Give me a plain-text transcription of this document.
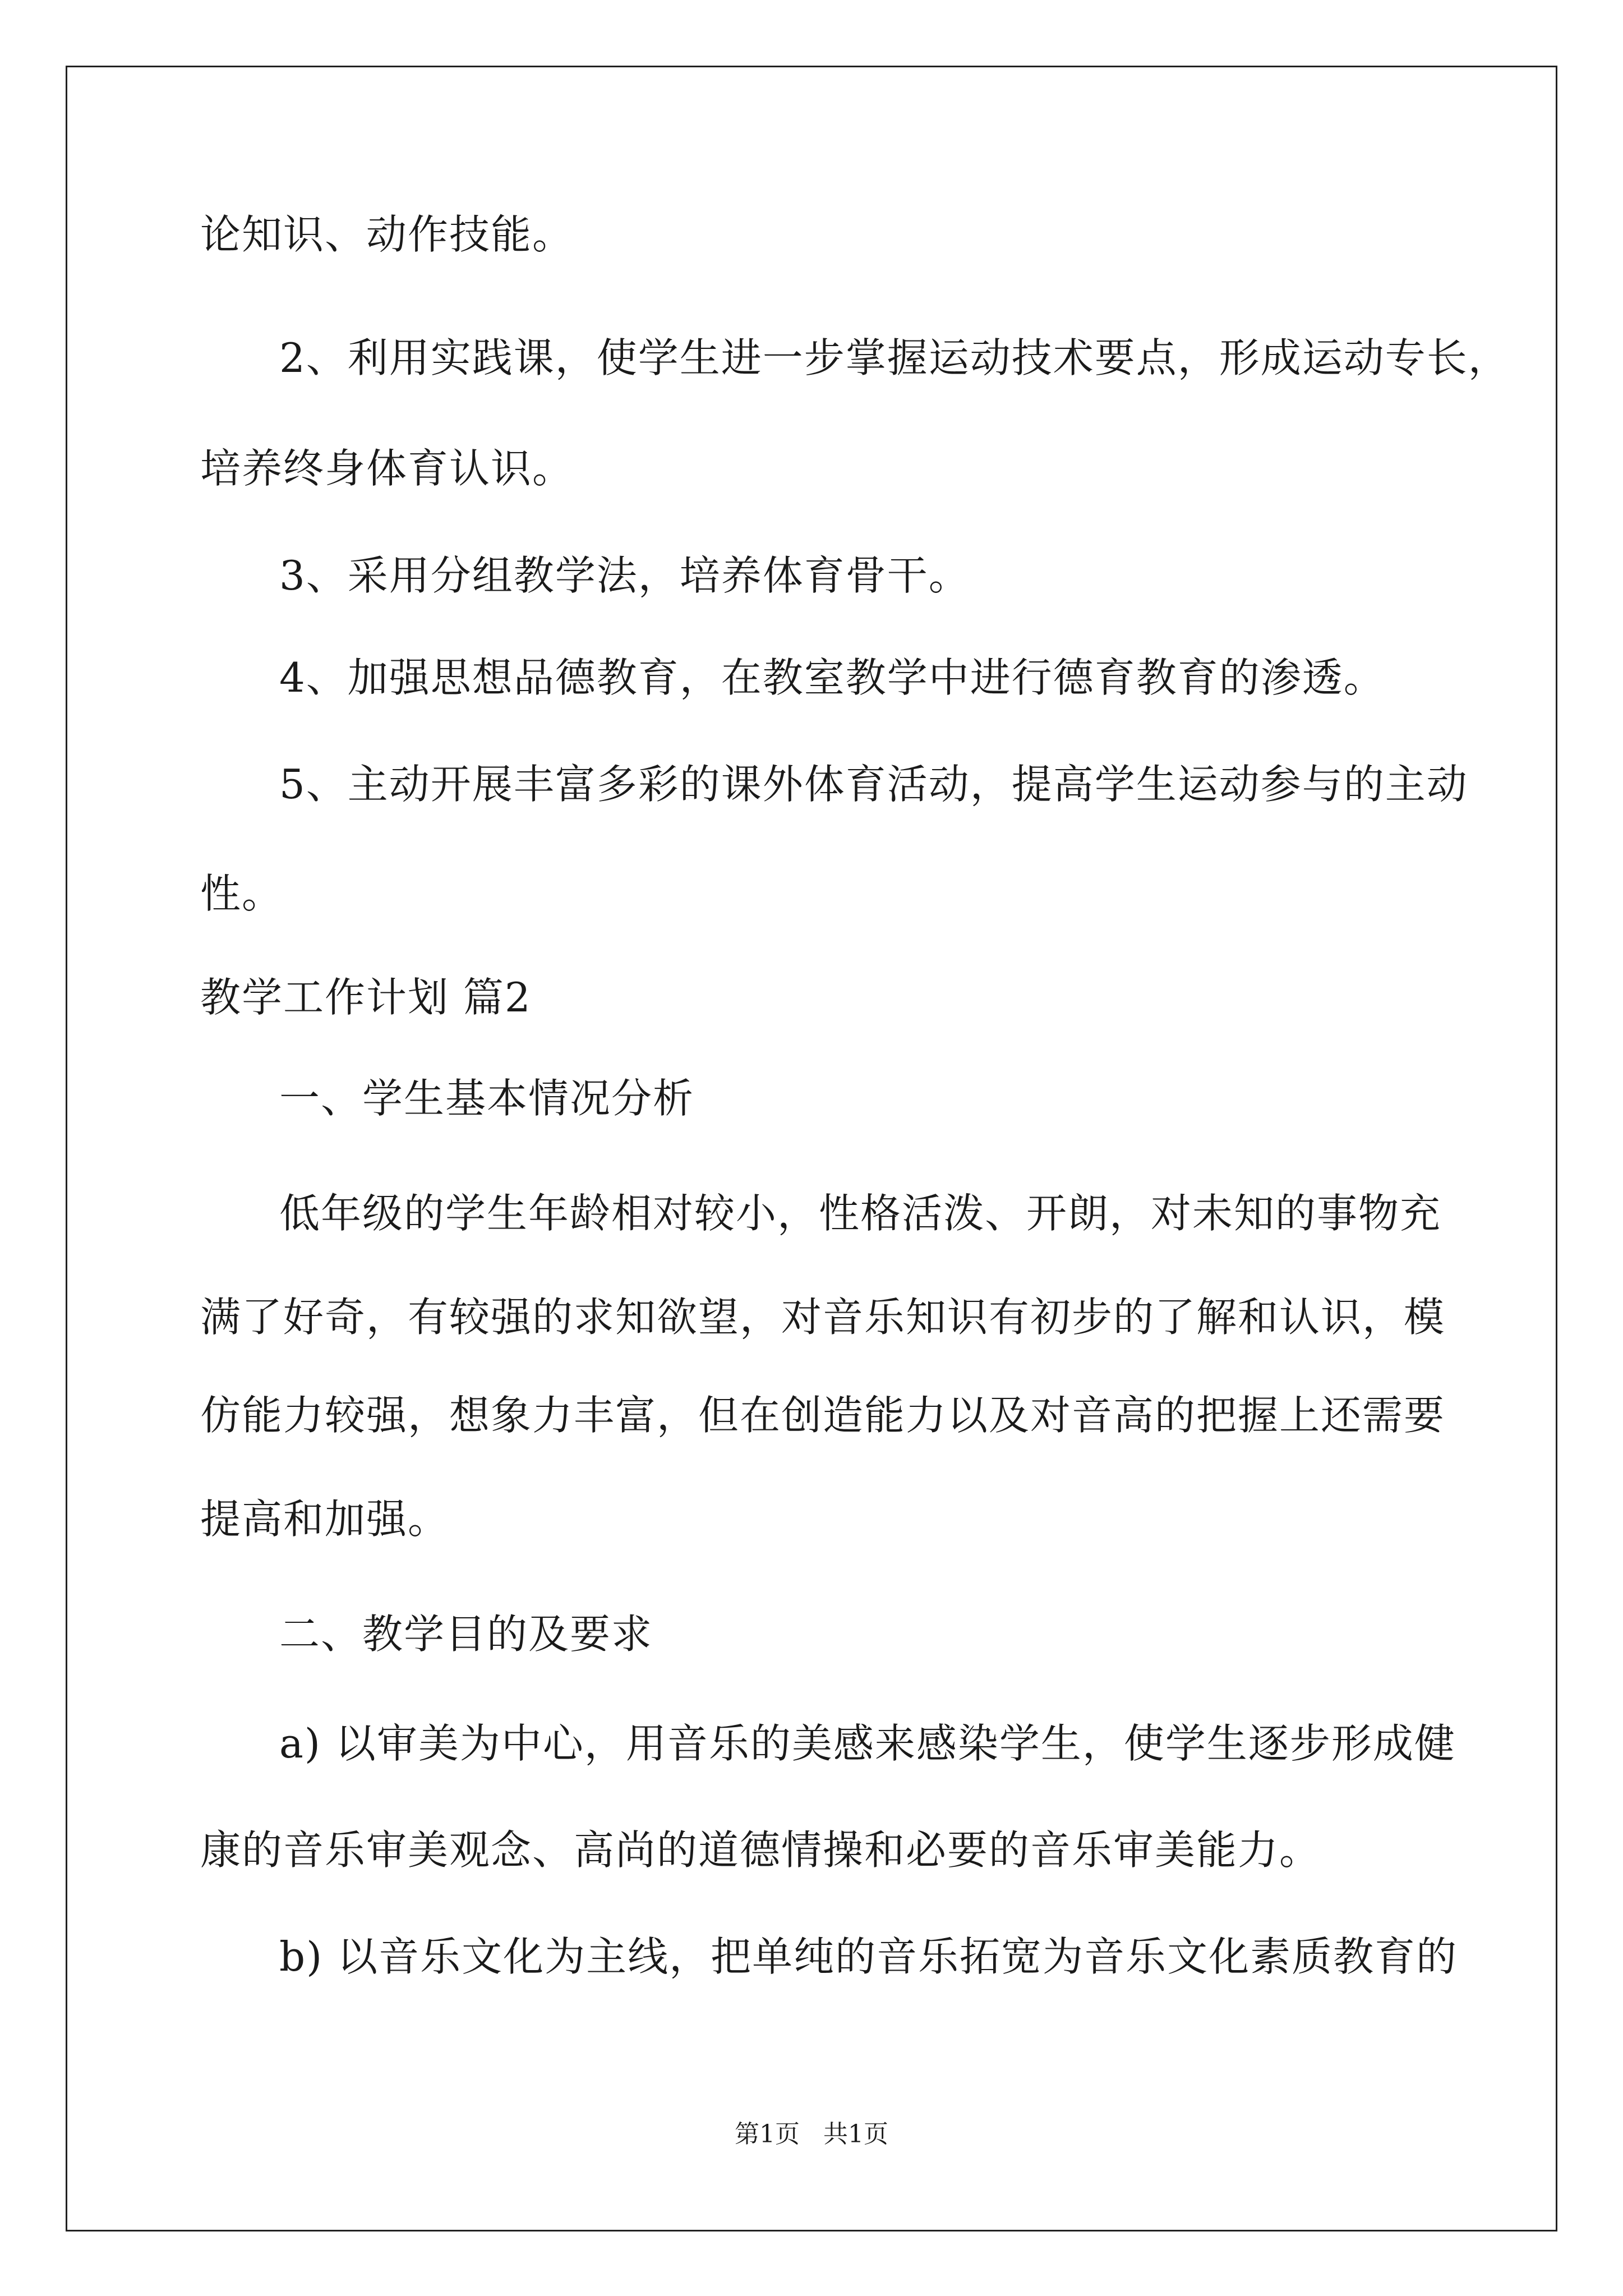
论知识、动作技能。
2、利用实践课，使学生进一步掌握运动技术要点，形成运动专长，
培养终身体育认识。
3、采用分组教学法，培养体育骨干。
4、加强思想品德教育，在教室教学中进行德育教育的渗透。
5、主动开展丰富多彩的课外体育活动，提高学生运动参与的主动
性。
教学工作计划 篇2
一、学生基本情况分析
低年级的学生年龄相对较小，性格活泼、开朗，对未知的事物充
满了好奇，有较强的求知欲望，对音乐知识有初步的了解和认识，模
仿能力较强，想象力丰富，但在创造能力以及对音高的把握上还需要
提高和加强。
二、教学目的及要求
a) 以审美为中心，用音乐的美感来感染学生，使学生逐步形成健
康的音乐审美观念、高尚的道德情操和必要的音乐审美能力。
b) 以音乐文化为主线，把单纯的音乐拓宽为音乐文化素质教育的
第1页   共1页
